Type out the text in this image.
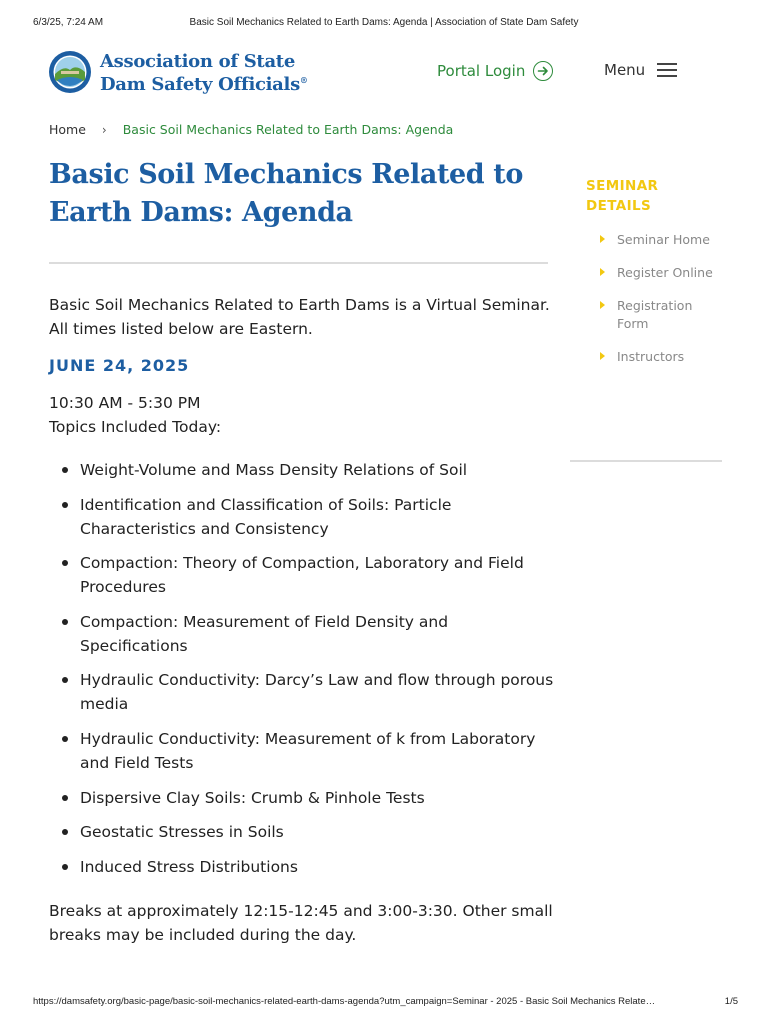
6/3/25, 7:24 AM	Basic Soil Mechanics Related to Earth Dams: Agenda | Association of State Dam Safety
Association of State
Dam Safety Officials®	Portal Login	Menu
Home › Basic Soil Mechanics Related to Earth Dams: Agenda
Basic Soil Mechanics Related to
Earth Dams: Agenda

Basic Soil Mechanics Related to Earth Dams is a Virtual Seminar. All times listed below are Eastern.

JUNE 24, 2025

10:30 AM - 5:30 PM
Topics Included Today:

Weight-Volume and Mass Density Relations of Soil
Identification and Classification of Soils: Particle Characteristics and Consistency
Compaction: Theory of Compaction, Laboratory and Field Procedures
Compaction: Measurement of Field Density and Specifications
Hydraulic Conductivity: Darcy’s Law and flow through porous media
Hydraulic Conductivity: Measurement of k from Laboratory and Field Tests
Dispersive Clay Soils: Crumb & Pinhole Tests
Geostatic Stresses in Soils
Induced Stress Distributions

Breaks at approximately 12:15-12:45 and 3:00-3:30. Other small breaks may be included during the day.

SEMINAR DETAILS
Seminar Home
Register Online
Registration Form
Instructors
https://damsafety.org/basic-page/basic-soil-mechanics-related-earth-dams-agenda?utm_campaign=Seminar - 2025 - Basic Soil Mechanics Relate…	1/5
